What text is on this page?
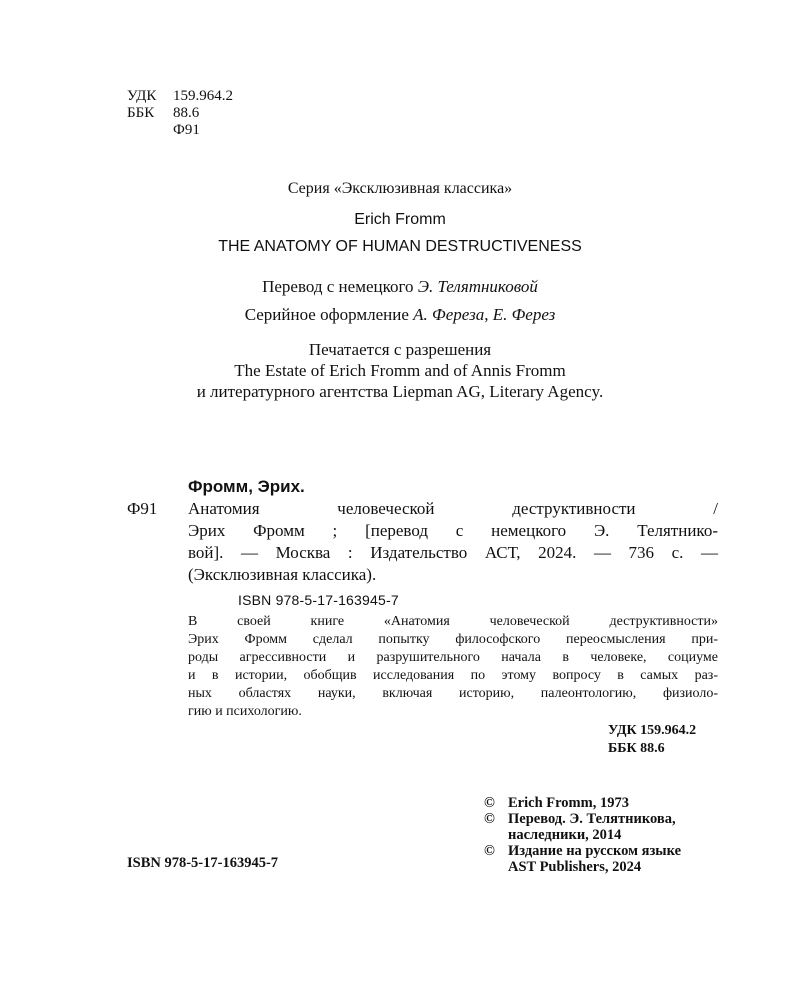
УДК 159.964.2
ББК 88.6
Ф91
Серия «Эксклюзивная классика»
Erich Fromm
THE ANATOMY OF HUMAN DESTRUCTIVENESS
Перевод с немецкого Э. Телятниковой
Серийное оформление А. Фереза, Е. Ферез
Печатается с разрешения
The Estate of Erich Fromm and of Annis Fromm
и литературного агентства Liepman AG, Literary Agency.
Фромм, Эрих.
Ф91 Анатомия человеческой деструктивности /
Эрих Фромм ; [перевод с немецкого Э. Телятнико-
вой]. — Москва : Издательство АСТ, 2024. — 736 с. —
(Эксклюзивная классика).
ISBN 978-5-17-163945-7
В своей книге «Анатомия человеческой деструктивности»
Эрих Фромм сделал попытку философского переосмысления при-
роды агрессивности и разрушительного начала в человеке, социуме
и в истории, обобщив исследования по этому вопросу в самых раз-
ных областях науки, включая историю, палеонтологию, физиоло-
гию и психологию.
УДК 159.964.2
ББК 88.6
ISBN 978-5-17-163945-7
© Erich Fromm, 1973
© Перевод. Э. Телятникова,
наследники, 2014
© Издание на русском языке
AST Publishers, 2024
